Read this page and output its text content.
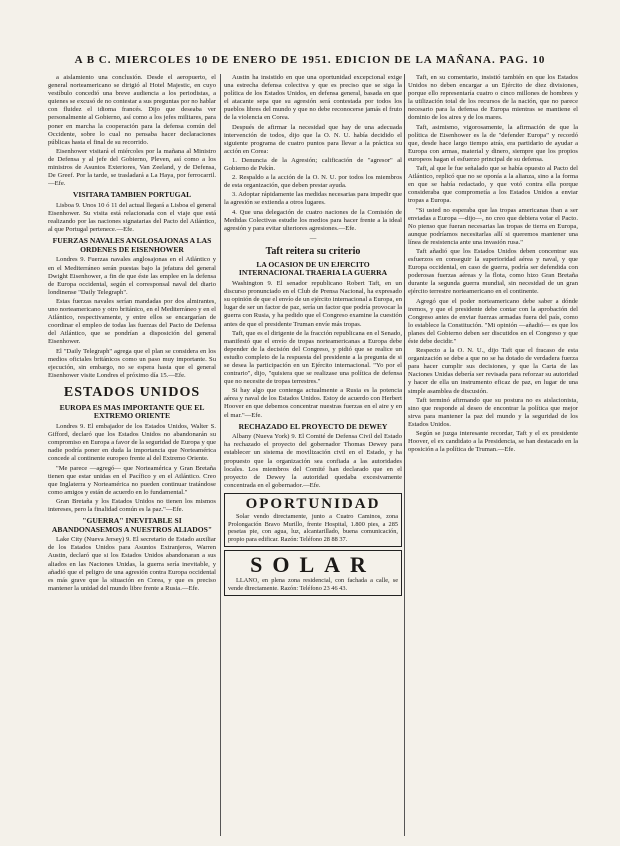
A B C. MIERCOLES 10 DE ENERO DE 1951. EDICION DE LA MAÑANA. PAG. 10

a aislamiento una conclusión. Desde el aeropuerto, el general norteamericano se dirigió al Hotel Majestic, en cuyo vestíbulo concedió una breve audiencia a los periodistas, a quienes se excusó de no contestar a sus preguntas por no hablar con fluidez el idioma francés. Dijo que deseaba ver personalmente al Gobierno, así como a los jefes militares, para poner en marcha la cooperación para la defensa común del Occidente, sobre lo cual no pensaba hacer declaraciones públicas hasta el final de su recorrido.

Eisenhower visitará el miércoles por la mañana al Ministro de Defensa y al jefe del Gobierno, Pleven, así como a los ministros de Asuntos Exteriores, Van Zeeland, y de Defensa, De Greef. Por la tarde, se trasladará a La Haya, por ferrocarril.—Efe.

VISITARA TAMBIEN PORTUGAL

Lisboa 9. Unos 10 ó 11 del actual llegará a Lisboa el general Eisenhower. Su visita está relacionada con el viaje que está realizando por las naciones signatarias del Pacto del Atlántico, al que Portugal pertenece.—Efe.

FUERZAS NAVALES ANGLOSAJONAS A LAS ORDENES DE EISENHOWER

Londres 9. Fuerzas navales anglosajonas en el Atlántico y en el Mediterráneo serán puestas bajo la jefatura del general Dwight Eisenhower, a fin de que éste las emplee en la defensa de Europa occidental, según el corresponsal naval del diario londinense "Daily Telegraph".

Estas fuerzas navales serían mandadas por dos almirantes, uno norteamericano y otro británico, en el Mediterráneo y en el Atlántico, respectivamente, y entre ellos se encargarían de coordinar el empleo de todas las fuerzas del Pacto de Defensa del Atlántico, que se pondrían a disposición del general Eisenhower.

El "Daily Telegraph" agrega que el plan se considera en los medios oficiales británicos como un paso muy importante. Su ejecución, sin embargo, no se espera hasta que el general Eisenhower visite Londres el próximo día 15.—Efe.

ESTADOS UNIDOS
EUROPA ES MAS IMPORTANTE QUE EL EXTREMO ORIENTE

Londres 9. El embajador de los Estados Unidos, Walter S. Gifford, declaró que los Estados Unidos no abandonarán su compromiso en Europa a favor de la seguridad de Europa y que nadie podría poner en duda la importancia que Norteamérica concede al continente europeo frente al del Extremo Oriente.

"Me parece —agregó— que Norteamérica y Gran Bretaña tienen que estar unidas en el Pacífico y en el Atlántico. Creo que Inglaterra y Norteamérica no pueden continuar tratándose como amigos y están de acuerdo en lo fundamental."

Gran Bretaña y los Estados Unidos no tienen los mismos intereses, pero la finalidad común es la paz."—Efe.

"GUERRA" INEVITABLE SI ABANDONASEMOS A NUESTROS ALIADOS"

Lake City (Nueva Jersey) 9. El secretario de Estado auxiliar de los Estados Unidos para Asuntos Extranjeros, Warren Austin, declaró que si los Estados Unidos abandonaran a sus aliados en las Naciones Unidas, la guerra sería inevitable, y añadió que el peligro de una agresión contra Europa occidental es más grave que la situación en Corea, y que es preciso mantener la unidad del mundo libre frente a Rusia.—Efe.

Austin ha insistido en que una oportunidad excepcional exige una estrecha defensa colectiva y que es preciso que se siga la política de los Estados Unidos, en defensa general, basada en que el atacante sepa que su agresión será contestada por todos los pueblos libres del mundo y que no debe reconocerse jamás el fruto de la violencia en Corea.

Después de afirmar la necesidad que hay de una adecuada intervención de todos, dijo que la O. N. U. había decidido el siguiente programa de cuatro puntos para llevar a la práctica su acción en Corea:

1. Denuncia de la Agresión; calificación de "agresor" al Gobierno de Pekín.

2. Respaldo a la acción de la O. N. U. por todos los miembros de esta organización, que deben prestar ayuda.

3. Adoptar rápidamente las medidas necesarias para impedir que la agresión se extienda a otros lugares.

4. Que una delegación de cuatro naciones de la Comisión de Medidas Colectivas estudie los medios para hacer frente a la ideal agresión y para evitar ulteriores agresiones.—Efe.

—
Taft reitera su criterio
LA OCASION DE UN EJERCITO INTERNACIONAL TRAERIA LA GUERRA

Washington 9. El senador republicano Robert Taft, en un discurso pronunciado en el Club de Prensa Nacional, ha expresado su opinión de que el envío de un ejército internacional a Europa, en lugar de ser un factor de paz, sería un factor que podría provocar la guerra con Rusia, y ha pedido que el Congreso examine la cuestión antes de que el presidente Truman envíe más tropas.

Taft, que es el dirigente de la fracción republicana en el Senado, manifestó que el envío de tropas norteamericanas a Europa debe depender de la decisión del Congreso, y pidió que se realice un estudio completo de la respuesta del presidente a la pregunta de si se desea la participación en un Ejército internacional. "Yo por el contrario", dijo, "quisiera que se realizase una política de defensa que no necesite de tropas terrestres."

Si hay algo que contenga actualmente a Rusia es la potencia aérea y naval de los Estados Unidos. Estoy de acuerdo con Herbert Hoover en que debemos concentrar nuestras fuerzas en el aire y en el mar."—Efe.

RECHAZADO EL PROYECTO DE DEWEY

Albany (Nueva York) 9. El Comité de Defensa Civil del Estado ha rechazado el proyecto del gobernador Thomas Dewey para establecer un sistema de movilización civil en el Estado, y ha propuesto que la organización sea confiada a las autoridades locales. Los miembros del Comité han declarado que en el proyecto de Dewey la autoridad quedaba excesivamente concentrada en el gobernador.—Efe.

OPORTUNIDAD

Solar vendo directamente, junto a Cuatro Caminos, zona Prolongación Bravo Murillo, frente Hospital, 1.800 pies, a 285 pesetas pie, con agua, luz, alcantarillado, buena comunicación, propio para edificar. Razón: Teléfono 28 88 37.

SOLAR

LLANO, en plena zona residencial, con fachada a calle, se vende directamente. Razón: Teléfono 23 46 43.

Taft, en su comentario, insistió también en que los Estados Unidos no deben encargar a un Ejército de diez divisiones, porque ello representaría cuatro o cinco millones de hombres y la utilización total de los recursos de la nación, que no parece necesario para la defensa de Europa mientras se mantiene el dominio de los aires y de los mares.

Taft, asimismo, vigorosamente, la afirmación de que la política de Eisenhower es la de "defender Europa" y recordó que, desde hace largo tiempo atrás, era partidario de ayudar a Europa con armas, material y dinero, siempre que los propios europeos hagan el esfuerzo principal de su defensa.

Taft, al que le fue señalado que se había opuesto al Pacto del Atlántico, replicó que no se oponía a la alianza, sino a la forma en que se había redactado, y que votó contra ella porque consideraba que comprometía a los Estados Unidos a enviar tropas a Europa.

"Si usted no esperaba que las tropas americanas iban a ser enviadas a Europa —dijo—, no creo que debiera votar el Pacto. No pienso que fueran necesarias las tropas de tierra en Europa, aunque podríamos necesitarlas allí si queremos mantener una línea de resistencia ante una invasión rusa."

Taft añadió que los Estados Unidos deben concentrar sus esfuerzos en conseguir la superioridad aérea y naval, y que Europa occidental, en caso de guerra, podría ser defendida con poderosas fuerzas aéreas y la flota, como hizo Gran Bretaña durante la segunda guerra mundial, sin necesidad de un gran ejército terrestre norteamericano en el continente.

Agregó que el poder norteamericano debe saber a dónde iremos, y que el presidente debe contar con la aprobación del Congreso antes de enviar fuerzas armadas fuera del país, como lo establece la Constitución. "Mi opinión —añadió— es que los planes del Gobierno deben ser discutidos en el Congreso y que éste debe decidir."

Respecto a la O. N. U., dijo Taft que el fracaso de esta organización se debe a que no se ha dotado de verdadera fuerza para hacer cumplir sus decisiones, y que la Carta de las Naciones Unidas debería ser revisada para reforzar su autoridad y hacer de ella un instrumento eficaz de paz, en lugar de una simple asamblea de discusión.

Taft terminó afirmando que su postura no es aislacionista, sino que responde al deseo de encontrar la política que mejor sirva para mantener la paz del mundo y la seguridad de los Estados Unidos.

Según se juzga interesante recordar, Taft y el ex presidente Hoover, el ex candidato a la Presidencia, se han destacado en la oposición a la política de Truman.—Efe.
